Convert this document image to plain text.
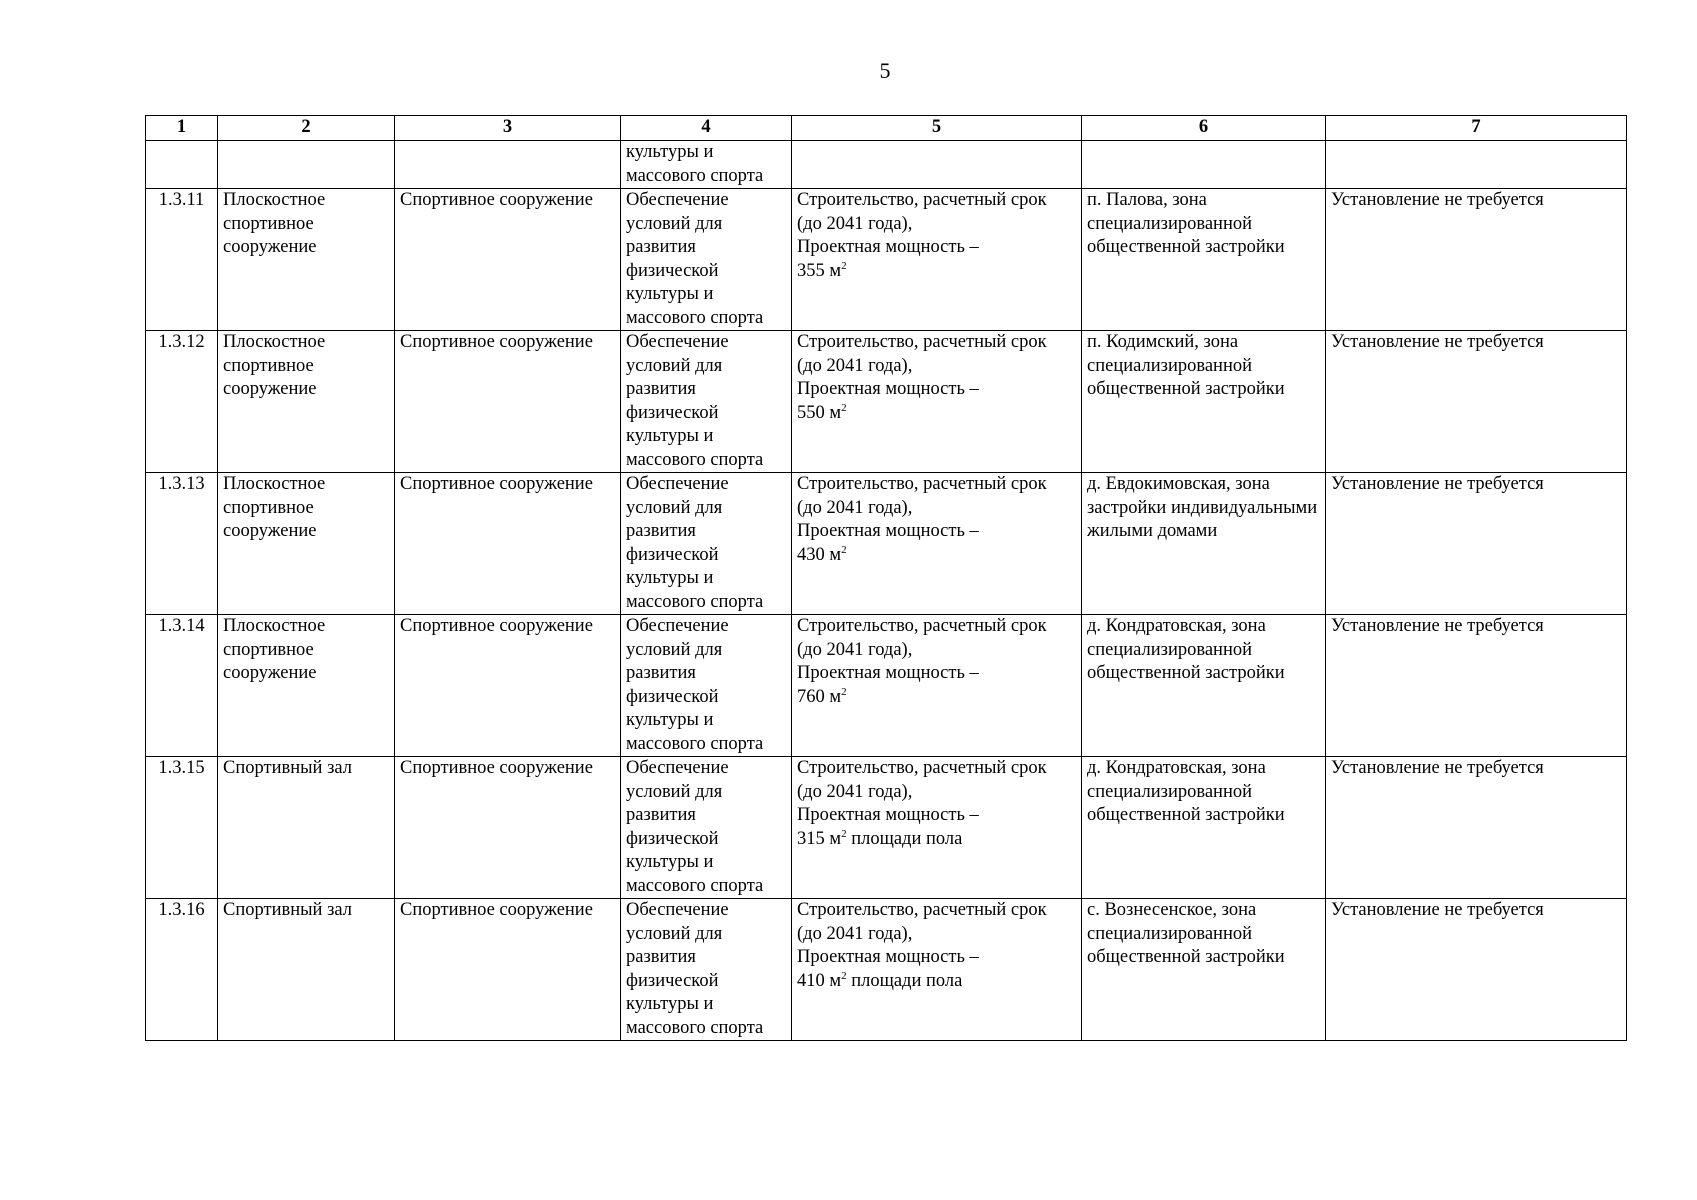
5
1	2	3	4	5	6	7
			культуры и массового спорта			
1.3.11	Плоскостное спортивное сооружение	Спортивное сооружение	Обеспечение условий для развития физической культуры и массового спорта	Строительство, расчетный срок
(до 2041 года),
Проектная мощность –
355 $м^2$	п. Палова, зона специализированной общественной застройки	Установление не требуется
1.3.12	Плоскостное спортивное сооружение	Спортивное сооружение	Обеспечение условий для развития физической культуры и массового спорта	Строительство, расчетный срок
(до 2041 года),
Проектная мощность –
550 $м^2$	п. Кодимский, зона специализированной общественной застройки	Установление не требуется
1.3.13	Плоскостное спортивное сооружение	Спортивное сооружение	Обеспечение условий для развития физической культуры и массового спорта	Строительство, расчетный срок
(до 2041 года),
Проектная мощность –
430 $м^2$	д. Евдокимовская, зона застройки индивидуальными жилыми домами	Установление не требуется
1.3.14	Плоскостное спортивное сооружение	Спортивное сооружение	Обеспечение условий для развития физической культуры и массового спорта	Строительство, расчетный срок
(до 2041 года),
Проектная мощность –
760 $м^2$	д. Кондратовская, зона специализированной общественной застройки	Установление не требуется
1.3.15	Спортивный зал	Спортивное сооружение	Обеспечение условий для развития физической культуры и массового спорта	Строительство, расчетный срок
(до 2041 года),
Проектная мощность –
315 $м^2$ площади пола	д. Кондратовская, зона специализированной общественной застройки	Установление не требуется
1.3.16	Спортивный зал	Спортивное сооружение	Обеспечение условий для развития физической культуры и массового спорта	Строительство, расчетный срок
(до 2041 года),
Проектная мощность –
410 $м^2$ площади пола	с. Вознесенское, зона специализированной общественной застройки	Установление не требуется
